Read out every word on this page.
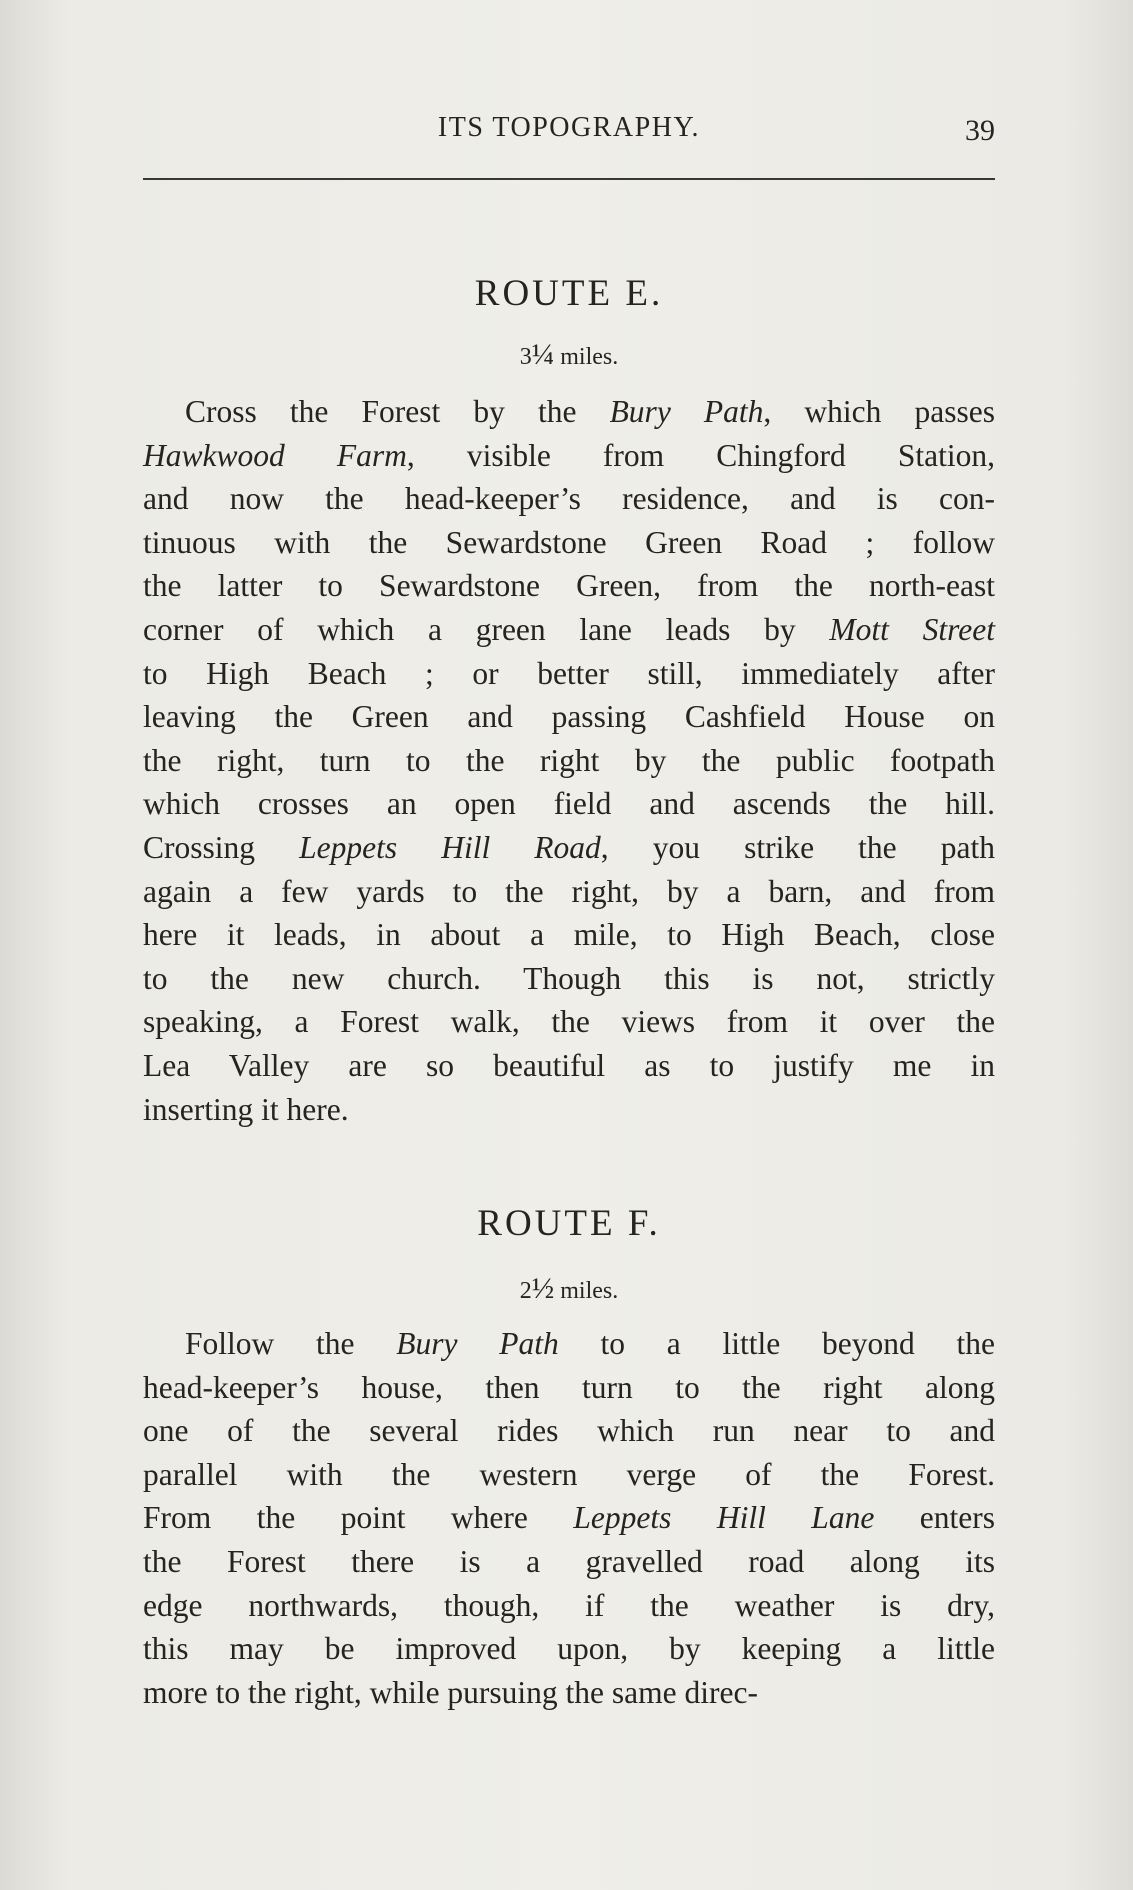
ITS TOPOGRAPHY.	39
ROUTE E.
3¼ miles.
Cross the Forest by the Bury Path, which passes
Hawkwood Farm, visible from Chingford Station,
and now the head-keeper’s residence, and is con-
tinuous with the Sewardstone Green Road ; follow
the latter to Sewardstone Green, from the north-east
corner of which a green lane leads by Mott Street
to High Beach ; or better still, immediately after
leaving the Green and passing Cashfield House on
the right, turn to the right by the public footpath
which crosses an open field and ascends the hill.
Crossing Leppets Hill Road, you strike the path
again a few yards to the right, by a barn, and from
here it leads, in about a mile, to High Beach, close
to the new church. Though this is not, strictly
speaking, a Forest walk, the views from it over the
Lea Valley are so beautiful as to justify me in
inserting it here.
ROUTE F.
2½ miles.
Follow the Bury Path to a little beyond the
head-keeper’s house, then turn to the right along
one of the several rides which run near to and
parallel with the western verge of the Forest.
From the point where Leppets Hill Lane enters
the Forest there is a gravelled road along its
edge northwards, though, if the weather is dry,
this may be improved upon, by keeping a little
more to the right, while pursuing the same direc-
